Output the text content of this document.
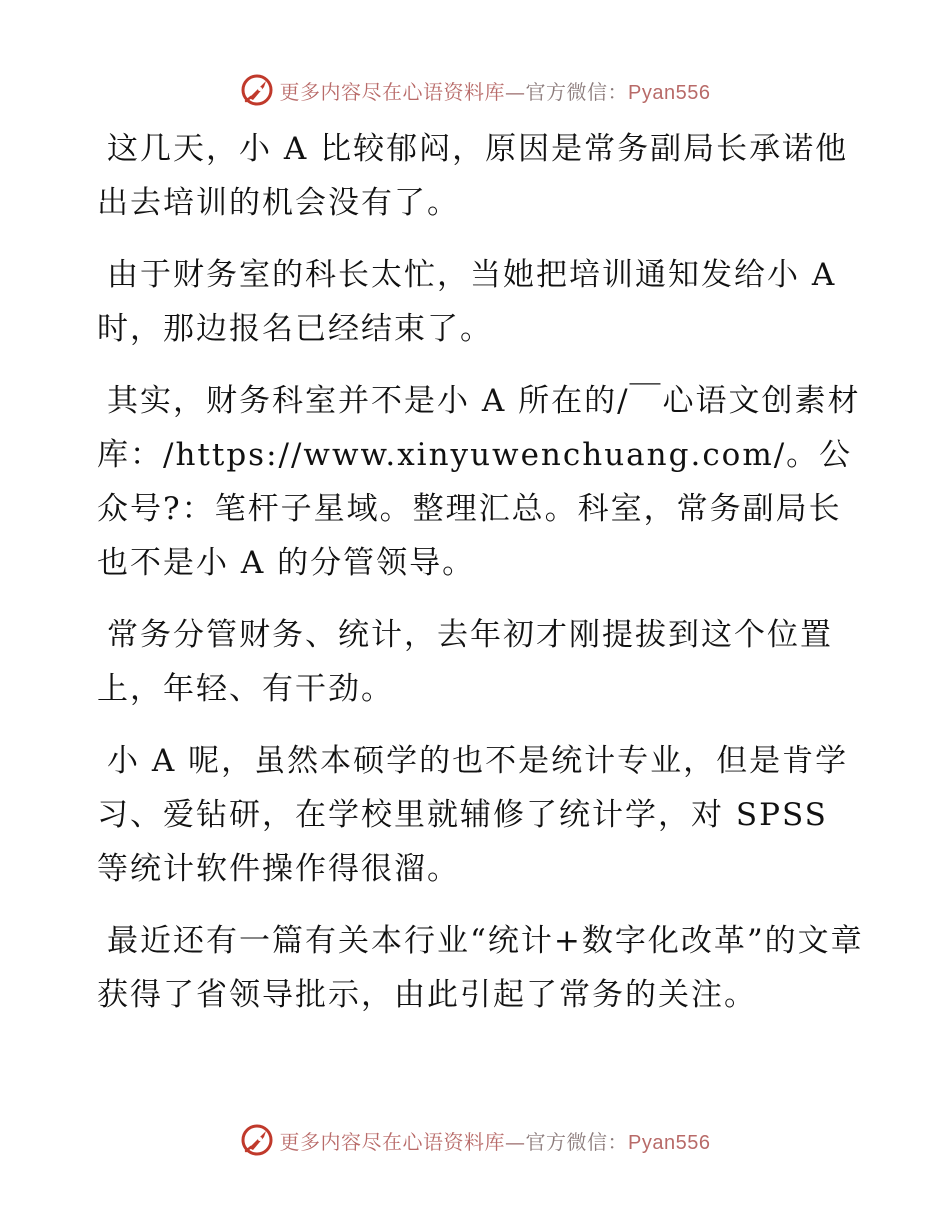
更多内容尽在心语资料库—官方微信：Pyan556

这几天，小 A 比较郁闷，原因是常务副局长承诺他出去培训的机会没有了。

由于财务室的科长太忙，当她把培训通知发给小 A 时，那边报名已经结束了。

其实，财务科室并不是小 A 所在的/￣心语文创素材库：/https://www.xinyuwenchuang.com/。公众号?：笔杆子星域。整理汇总。科室，常务副局长也不是小 A 的分管领导。

常务分管财务、统计，去年初才刚提拔到这个位置上，年轻、有干劲。

小 A 呢，虽然本硕学的也不是统计专业，但是肯学习、爱钻研，在学校里就辅修了统计学，对 SPSS 等统计软件操作得很溜。

最近还有一篇有关本行业“统计+数字化改革”的文章获得了省领导批示，由此引起了常务的关注。

更多内容尽在心语资料库—官方微信：Pyan556
